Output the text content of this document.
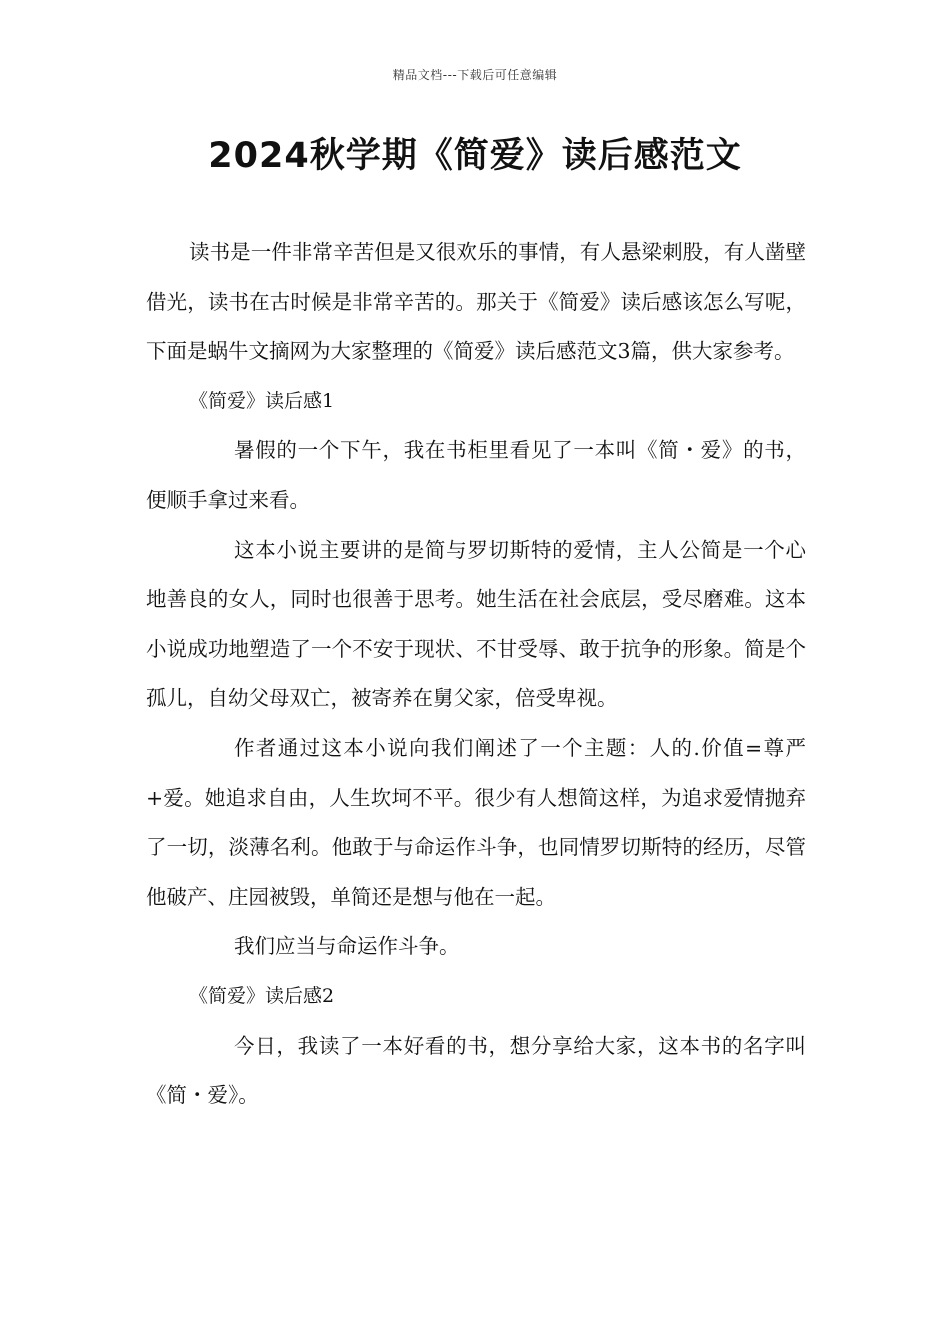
精品文档---下载后可任意编辑
2024秋学期《简爱》读后感范文

读书是一件非常辛苦但是又很欢乐的事情，有人悬梁刺股，有人凿壁借光，读书在古时候是非常辛苦的。那关于《简爱》读后感该怎么写呢，下面是蜗牛文摘网为大家整理的《简爱》读后感范文3篇，供大家参考。

《简爱》读后感1

暑假的一个下午，我在书柜里看见了一本叫《简・爱》的书，便顺手拿过来看。

这本小说主要讲的是简与罗切斯特的爱情，主人公简是一个心地善良的女人，同时也很善于思考。她生活在社会底层，受尽磨难。这本小说成功地塑造了一个不安于现状、不甘受辱、敢于抗争的形象。简是个孤儿，自幼父母双亡，被寄养在舅父家，倍受卑视。

作者通过这本小说向我们阐述了一个主题：人的.价值=尊严+爱。她追求自由，人生坎坷不平。很少有人想简这样，为追求爱情抛弃了一切，淡薄名利。他敢于与命运作斗争，也同情罗切斯特的经历，尽管他破产、庄园被毁，单简还是想与他在一起。

我们应当与命运作斗争。

《简爱》读后感2

今日，我读了一本好看的书，想分享给大家，这本书的名字叫《简・爱》。
